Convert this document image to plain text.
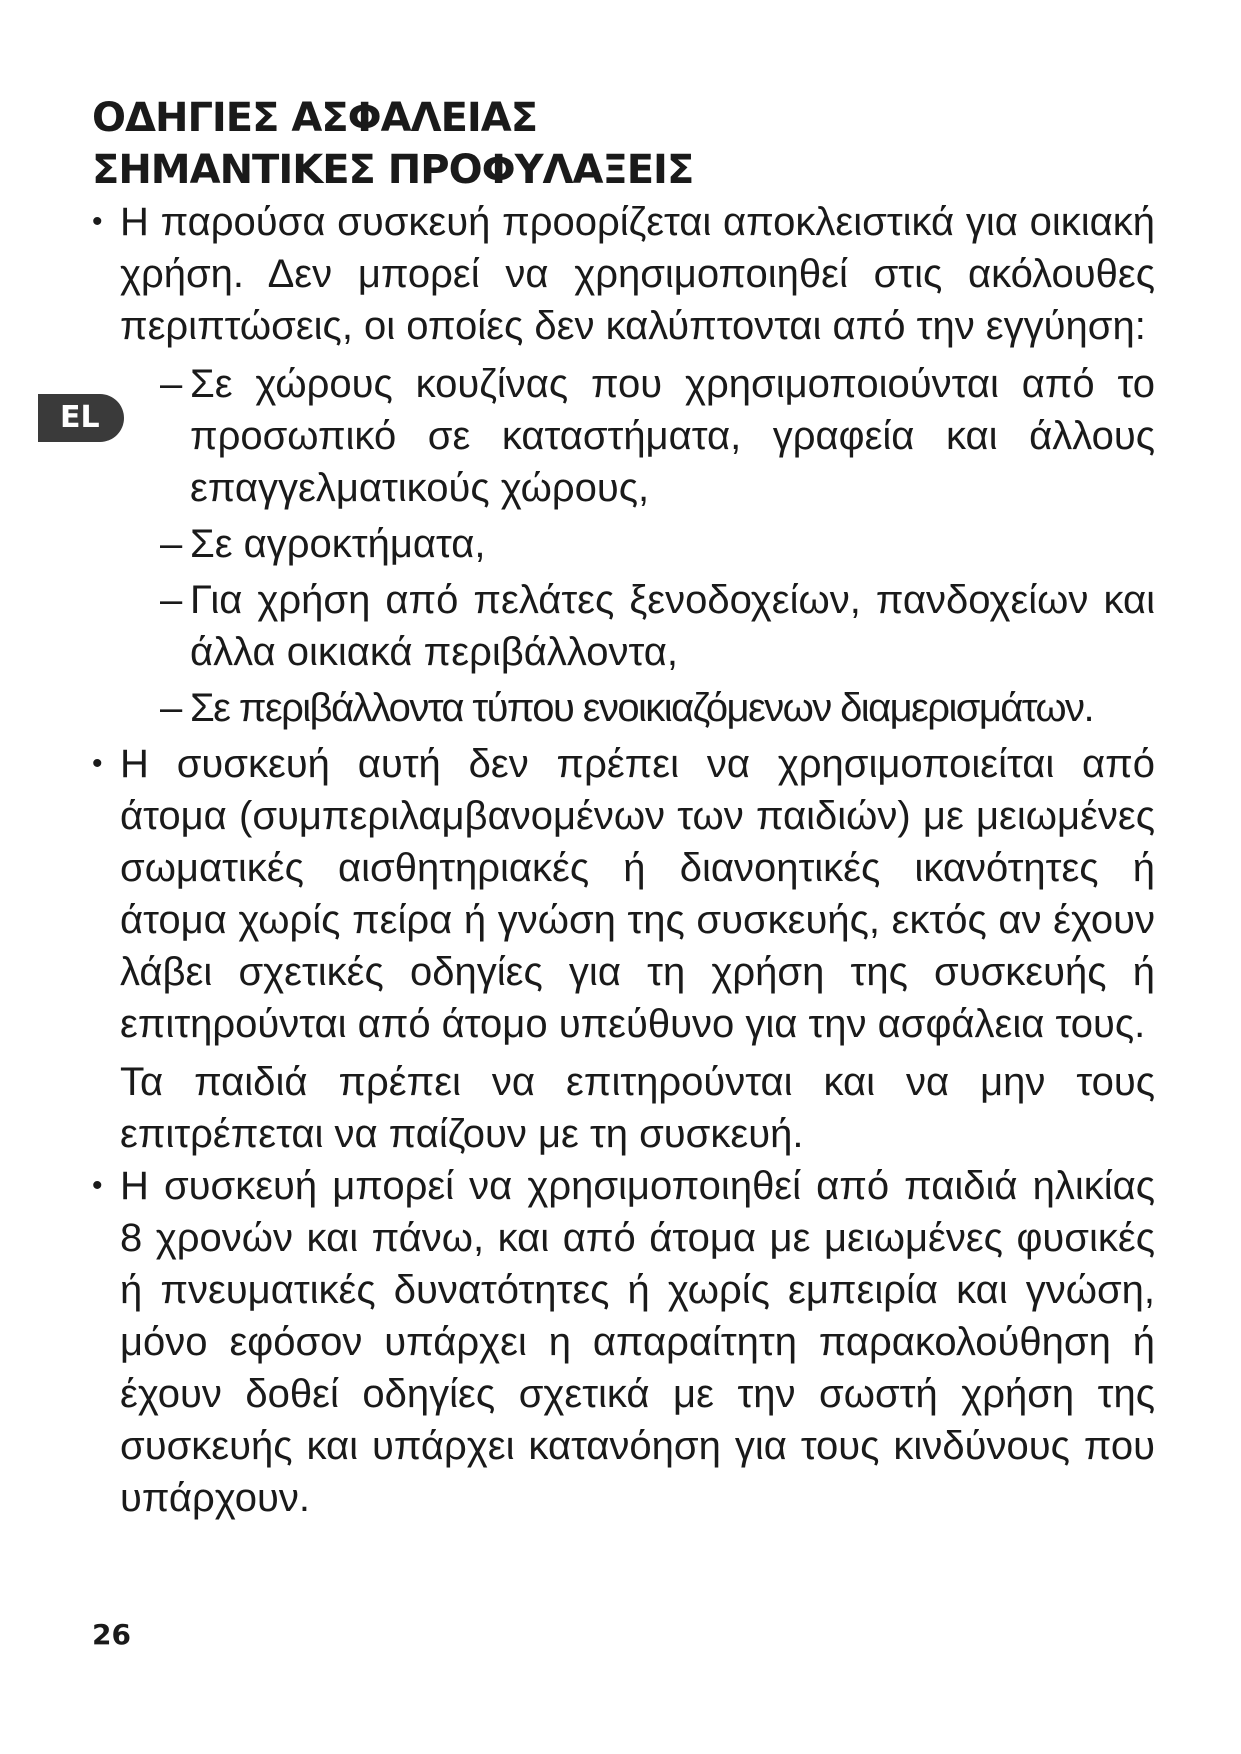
EL
ΟΔΗΓΙΕΣ ΑΣΦΑΛΕΙΑΣ
ΣΗΜΑΝΤΙΚΕΣ ΠΡΟΦΥΛΑΞΕΙΣ
• Η παρούσα συσκευή προορίζεται αποκλειστικά για οικιακή χρήση. Δεν μπορεί να χρησιμοποιηθεί στις ακόλουθες περιπτώσεις, οι οποίες δεν καλύπτονται από την εγγύηση:
– Σε χώρους κουζίνας που χρησιμοποιούνται από το προσωπικό σε καταστήματα, γραφεία και άλλους επαγγελματικούς χώρους,
– Σε αγροκτήματα,
– Για χρήση από πελάτες ξενοδοχείων, πανδοχείων και άλλα οικιακά περιβάλλοντα,
– Σε περιβάλλοντα τύπου ενοικιαζόμενων διαμερισμάτων.
• Η συσκευή αυτή δεν πρέπει να χρησιμοποιείται από άτομα (συμπεριλαμβανομένων των παιδιών) με μειωμένες σωματικές αισθητηριακές ή διανοητικές ικανότητες ή άτομα χωρίς πείρα ή γνώση της συσκευής, εκτός αν έχουν λάβει σχετικές οδηγίες για τη χρήση της συσκευής ή επιτηρούνται από άτομο υπεύθυνο για την ασφάλεια τους.
Τα παιδιά πρέπει να επιτηρούνται και να μην τους επιτρέπεται να παίζουν με τη συσκευή.
• Η συσκευή μπορεί να χρησιμοποιηθεί από παιδιά ηλικίας 8 χρονών και πάνω, και από άτομα με μειωμένες φυσικές ή πνευματικές δυνατότητες ή χωρίς εμπειρία και γνώση, μόνο εφόσον υπάρχει η απαραίτητη παρακολούθηση ή έχουν δοθεί οδηγίες σχετικά με την σωστή χρήση της συσκευής και υπάρχει κατανόηση για τους κινδύνους που υπάρχουν.
26
